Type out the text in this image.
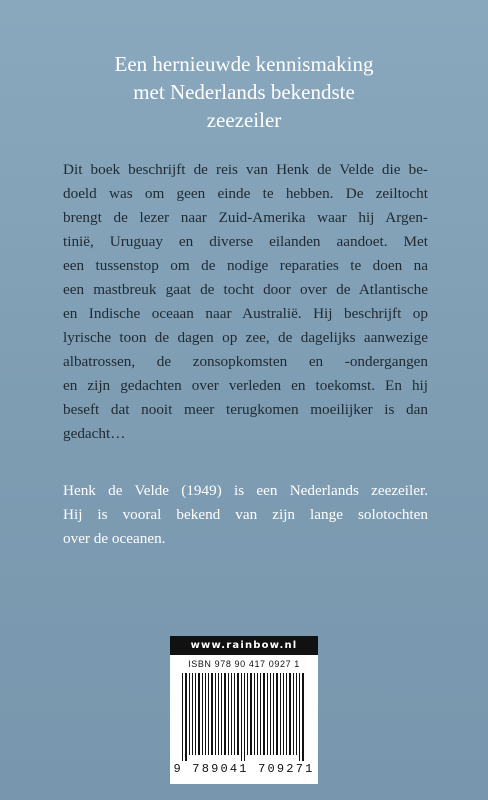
Een hernieuwde kennismaking
met Nederlands bekendste
zeezeiler
Dit boek beschrijft de reis van Henk de Velde die be-
doeld was om geen einde te hebben. De zeiltocht
brengt de lezer naar Zuid-Amerika waar hij Argen-
tinië, Uruguay en diverse eilanden aandoet. Met
een tussenstop om de nodige reparaties te doen na
een mastbreuk gaat de tocht door over de Atlantische
en Indische oceaan naar Australië. Hij beschrijft op
lyrische toon de dagen op zee, de dagelijks aanwezige
albatrossen, de zonsopkomsten en -ondergangen
en zijn gedachten over verleden en toekomst. En hij
beseft dat nooit meer terugkomen moeilijker is dan
gedacht…
Henk de Velde (1949) is een Nederlands zeezeiler.
Hij is vooral bekend van zijn lange solotochten
over de oceanen.
www.rainbow.nl
ISBN 978 90 417 0927 1
9 789041 709271
